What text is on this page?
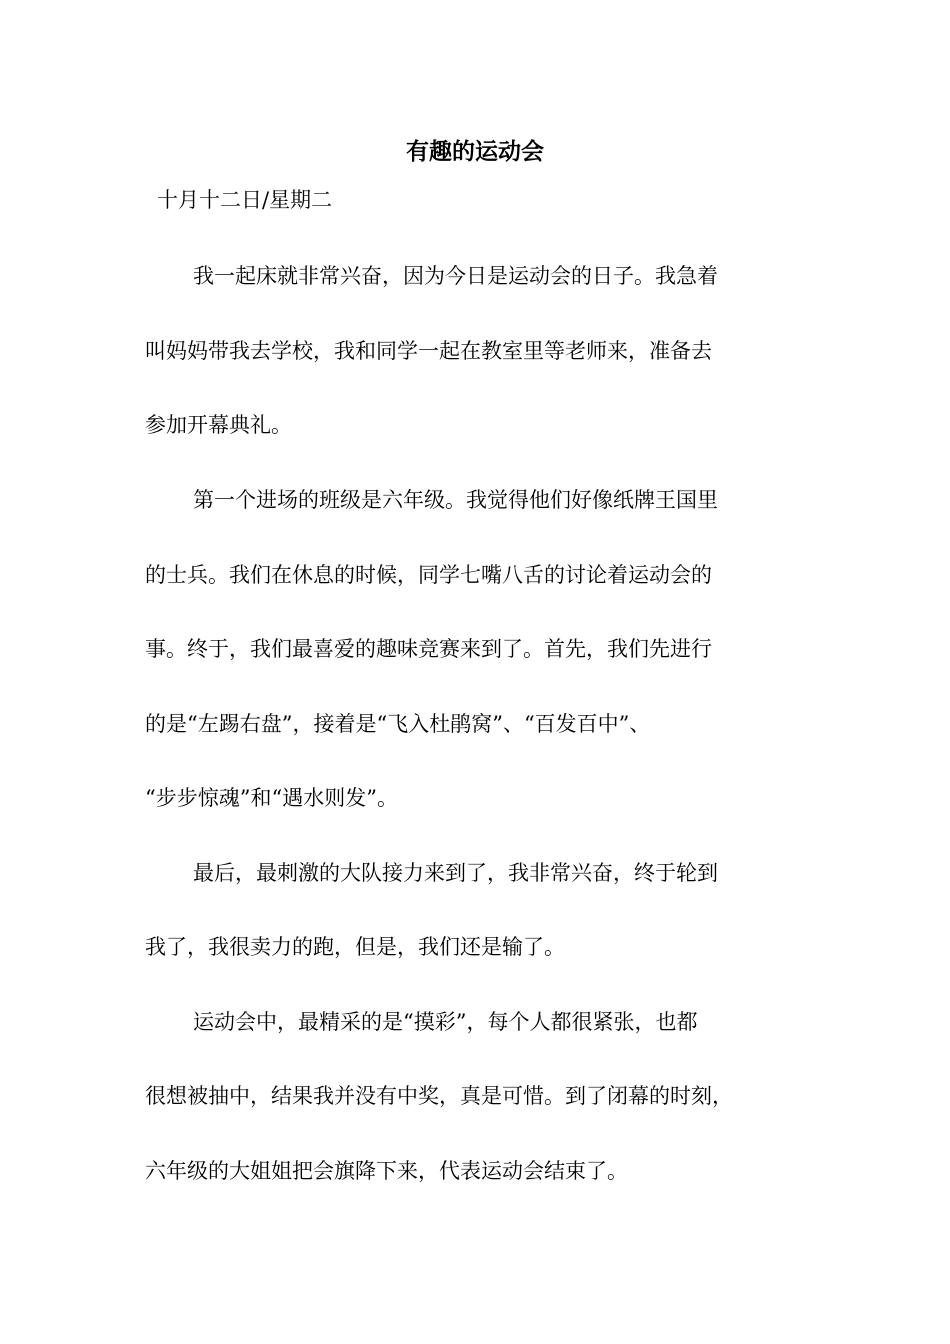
有趣的运动会

十月十二日/星期二

我一起床就非常兴奋，因为今日是运动会的日子。我急着

叫妈妈带我去学校，我和同学一起在教室里等老师来，准备去

参加开幕典礼。

第一个进场的班级是六年级。我觉得他们好像纸牌王国里

的士兵。我们在休息的时候，同学七嘴八舌的讨论着运动会的

事。终于，我们最喜爱的趣味竞赛来到了。首先，我们先进行

的是“左踢右盘”，接着是“飞入杜鹃窝”、“百发百中”、

“步步惊魂”和“遇水则发”。

最后，最刺激的大队接力来到了，我非常兴奋，终于轮到

我了，我很卖力的跑，但是，我们还是输了。

运动会中，最精采的是“摸彩”，每个人都很紧张，也都

很想被抽中，结果我并没有中奖，真是可惜。到了闭幕的时刻，

六年级的大姐姐把会旗降下来，代表运动会结束了。
